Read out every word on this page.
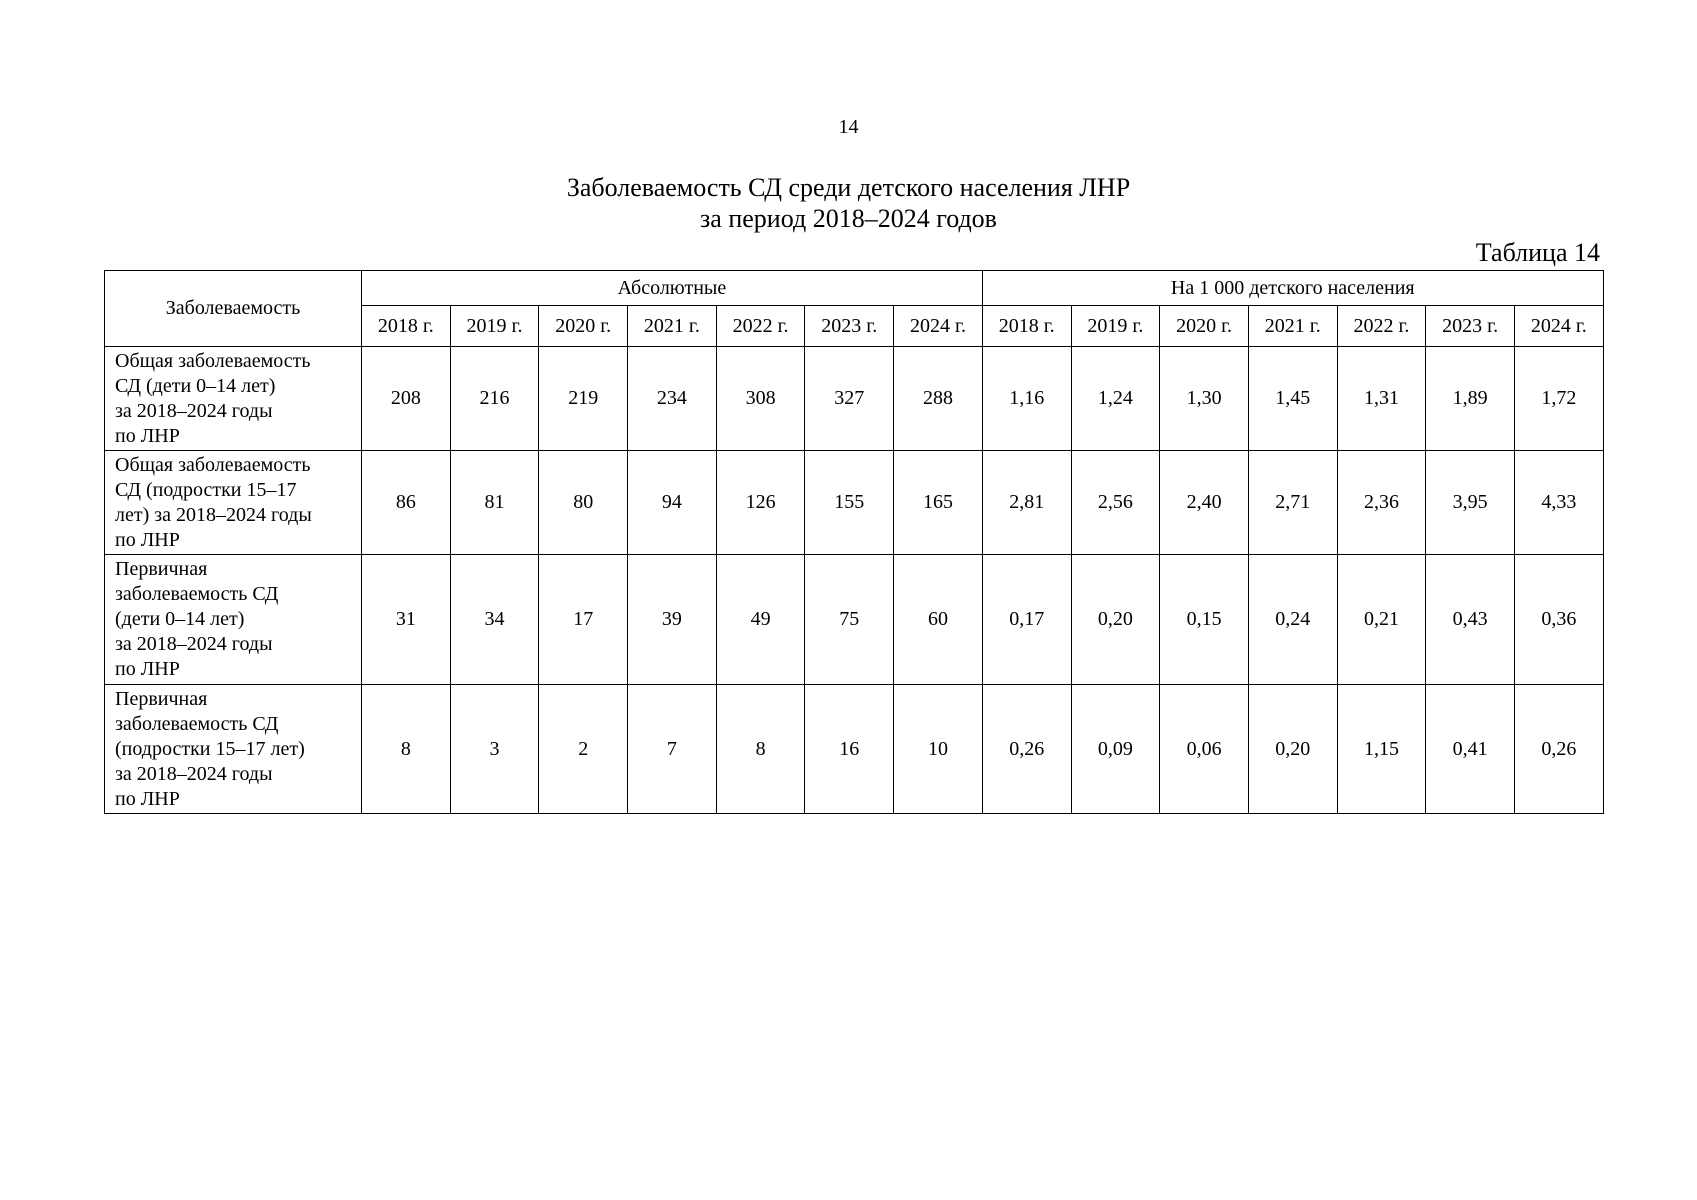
14
Заболеваемость СД среди детского населения ЛНР
за период 2018–2024 годов
Таблица 14
Заболеваемость	Абсолютные							На 1 000 детского населения						
	2018 г.	2019 г.	2020 г.	2021 г.	2022 г.	2023 г.	2024 г.	2018 г.	2019 г.	2020 г.	2021 г.	2022 г.	2023 г.	2024 г.
Общая заболеваемость
СД (дети 0–14 лет)
за 2018–2024 годы
по ЛНР	208	216	219	234	308	327	288	1,16	1,24	1,30	1,45	1,31	1,89	1,72
Общая заболеваемость
СД (подростки 15–17
лет) за 2018–2024 годы
по ЛНР	86	81	80	94	126	155	165	2,81	2,56	2,40	2,71	2,36	3,95	4,33
Первичная
заболеваемость СД
(дети 0–14 лет)
за 2018–2024 годы
по ЛНР	31	34	17	39	49	75	60	0,17	0,20	0,15	0,24	0,21	0,43	0,36
Первичная
заболеваемость СД
(подростки 15–17 лет)
за 2018–2024 годы
по ЛНР	8	3	2	7	8	16	10	0,26	0,09	0,06	0,20	1,15	0,41	0,26
